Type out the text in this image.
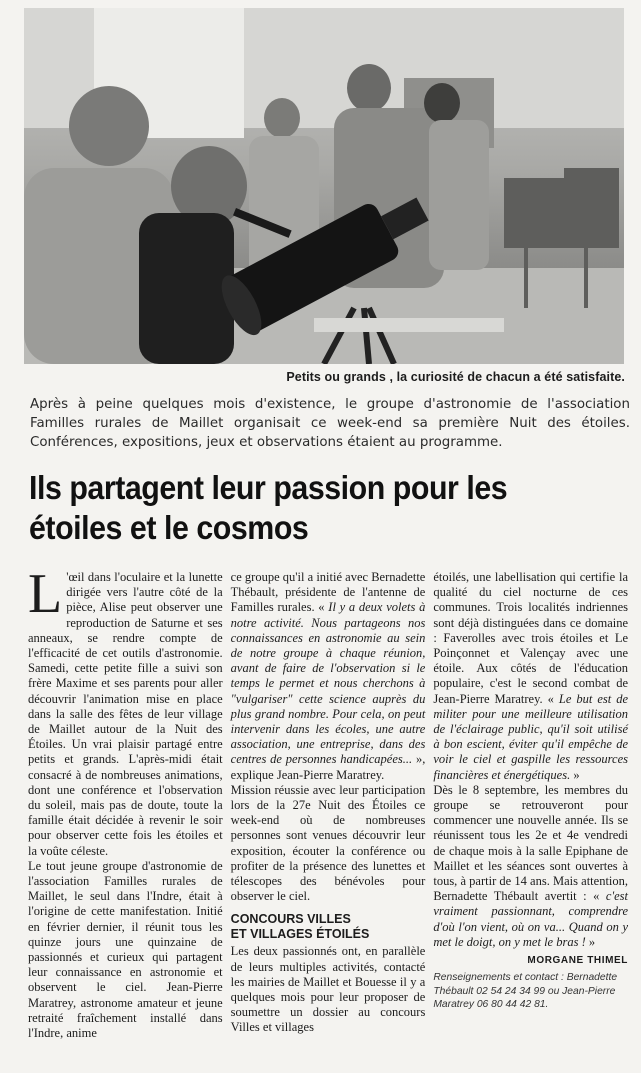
Petits ou grands , la curiosité de chacun a été satisfaite.
Après à peine quelques mois d'existence, le groupe d'astronomie de l'association Familles rurales de Maillet organisait ce week-end sa première Nuit des étoiles. Conférences, expositions, jeux et observations étaient au programme.
Ils partagent leur passion pour les étoiles et le cosmos

L 'œil dans l'oculaire et la lunette dirigée vers l'autre côté de la pièce, Alise peut observer une reproduction de Saturne et ses anneaux, se rendre compte de l'efficacité de cet outils d'astronomie. Samedi, cette petite fille a suivi son frère Maxime et ses parents pour aller découvrir l'animation mise en place dans la salle des fêtes de leur village de Maillet autour de la Nuit des Étoiles. Un vrai plaisir partagé entre petits et grands. L'après-midi était consacré à de nombreuses animations, dont une conférence et l'observation du soleil, mais pas de doute, toute la famille était décidée à revenir le soir pour observer cette fois les étoiles et la voûte céleste.

Le tout jeune groupe d'astronomie de l'association Familles rurales de Maillet, le seul dans l'Indre, était à l'origine de cette manifestation. Initié en février dernier, il réunit tous les quinze jours une quinzaine de passionnés et curieux qui partagent leur connaissance en astronomie et observent le ciel. Jean-Pierre Maratrey, astronome amateur et jeune retraité fraîchement installé dans l'Indre, anime

ce groupe qu'il a initié avec Bernadette Thébault, présidente de l'antenne de Familles rurales. « Il y a deux volets à notre activité. Nous partageons nos connaissances en astronomie au sein de notre groupe à chaque réunion, avant de faire de l'observation si le temps le permet et nous cherchons à "vulgariser" cette science auprès du plus grand nombre. Pour cela, on peut intervenir dans les écoles, une autre association, une entreprise, dans des centres de personnes handicapées... », explique Jean-Pierre Maratrey.

Mission réussie avec leur participation lors de la 27e Nuit des Étoiles ce week-end où de nombreuses personnes sont venues découvrir leur exposition, écouter la conférence ou profiter de la présence des lunettes et télescopes des bénévoles pour observer le ciel.

CONCOURS VILLES
ET VILLAGES ÉTOILÉS

Les deux passionnés ont, en parallèle de leurs multiples activités, contacté les mairies de Maillet et Bouesse il y a quelques mois pour leur proposer de soumettre un dossier au concours Villes et villages

étoilés, une labellisation qui certifie la qualité du ciel nocturne de ces communes. Trois localités indriennes sont déjà distinguées dans ce domaine : Faverolles avec trois étoiles et Le Poinçonnet et Valençay avec une étoile. Aux côtés de l'éducation populaire, c'est le second combat de Jean-Pierre Maratrey. « Le but est de militer pour une meilleure utilisation de l'éclairage public, qu'il soit utilisé à bon escient, éviter qu'il empêche de voir le ciel et gaspille les ressources financières et énergétiques. »

Dès le 8 septembre, les membres du groupe se retrouveront pour commencer une nouvelle année. Ils se réunissent tous les 2e et 4e vendredi de chaque mois à la salle Epiphane de Maillet et les séances sont ouvertes à tous, à partir de 14 ans. Mais attention, Bernadette Thébault avertit : « c'est vraiment passionnant, comprendre d'où l'on vient, où on va... Quand on y met le doigt, on y met le bras ! »

MORGANE THIMEL
Renseignements et contact : Bernadette Thébault 02 54 24 34 99 ou Jean-Pierre Maratrey 06 80 44 42 81.
